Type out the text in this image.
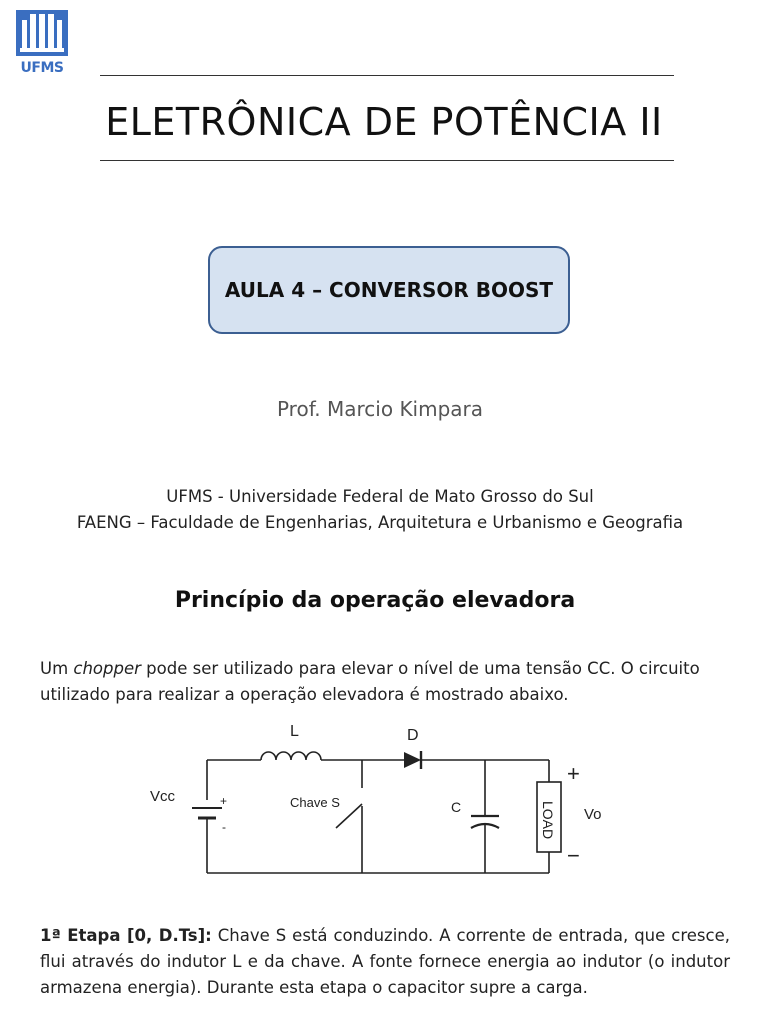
UFMS
ELETRÔNICA DE POTÊNCIA II
AULA 4 – CONVERSOR BOOST
Prof. Marcio Kimpara
UFMS - Universidade Federal de Mato Grosso do Sul
FAENG – Faculdade de Engenharias, Arquitetura e Urbanismo e Geografia
Princípio da operação elevadora
Um chopper pode ser utilizado para elevar o nível de uma tensão CC. O circuito utilizado para realizar a operação elevadora é mostrado abaixo.
L	D
Vcc	+
-
Chave S	C	LOAD Vo
+
−
1ª Etapa [0, D.Ts]: Chave S está conduzindo. A corrente de entrada, que cresce, flui através do indutor L e da chave. A fonte fornece energia ao indutor (o indutor armazena energia). Durante esta etapa o capacitor supre a carga.
